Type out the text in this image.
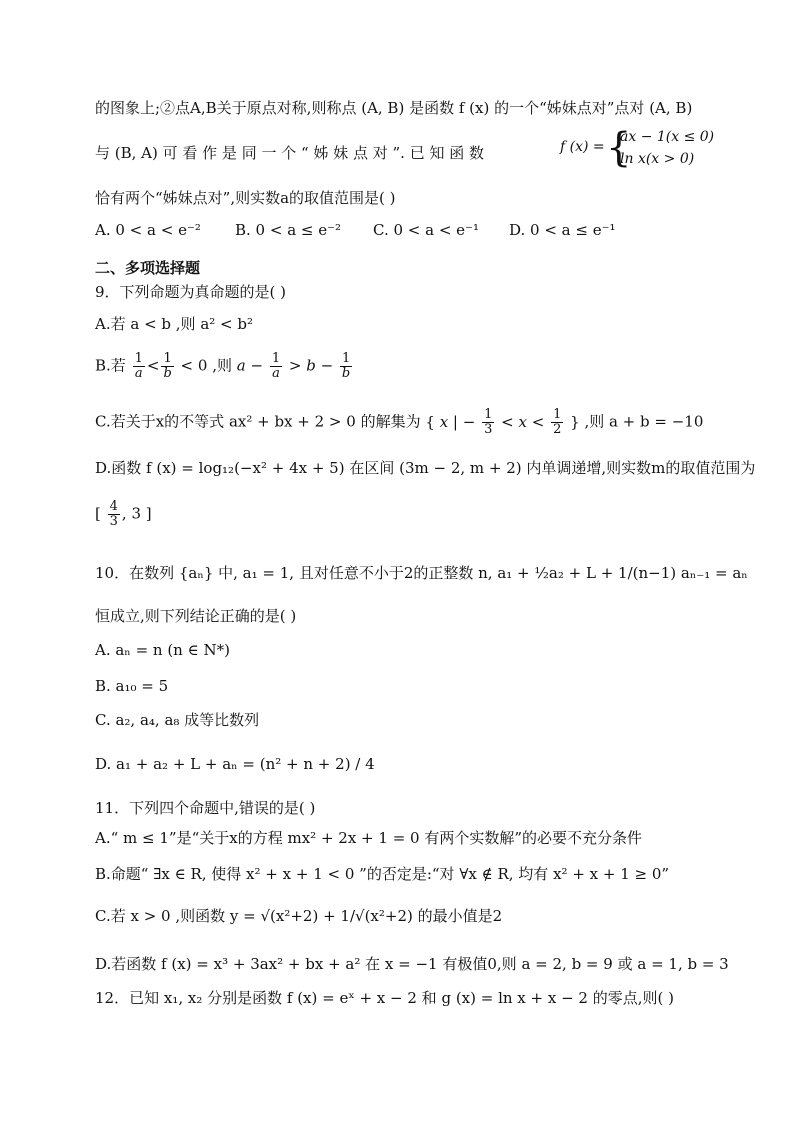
的图象上;②点A,B关于原点对称,则称点 (A, B) 是函数 f (x) 的一个“姊妹点对”点对 (A, B)
与 (B, A) 可 看 作 是 同 一 个 “ 姊 妹 点 对 ”. 已 知 函 数	f (x) = {
ax − 1(x ≤ 0)
ln x(x > 0)
恰有两个“姊妹点对”,则实数a的取值范围是( )
A. 0 < a < e⁻² B. 0 < a ≤ e⁻² C. 0 < a < e⁻¹ D. 0 < a ≤ e⁻¹
二、多项选择题
9．下列命题为真命题的是( )
A.若 a < b ,则 a² < b²
B.若 $\frac{1}{a} < \frac{1}{b} < 0$ ,则 $a - \frac{1}{a} > b - \frac{1}{b}$
C.若关于x的不等式 ax² + bx + 2 > 0 的解集为 { x | − $\frac{1}{3} < x < \frac{1}{2}$ } ,则 a + b = −10
D.函数 f (x) = log₁₂(−x² + 4x + 5) 在区间 (3m − 2, m + 2) 内单调递增,则实数m的取值范围为
[ $\frac{4}{3}$ , 3 ]
10．在数列 {aₙ} 中, a₁ = 1, 且对任意不小于2的正整数 n, a₁ + ½a₂ + L + 1/(n−1) aₙ₋₁ = aₙ
恒成立,则下列结论正确的是( )
A. aₙ = n (n ∈ N*)
B. a₁₀ = 5
C. a₂, a₄, a₈ 成等比数列
D. a₁ + a₂ + L + aₙ = (n² + n + 2) / 4
11．下列四个命题中,错误的是( )
A.“ m ≤ 1”是“关于x的方程 mx² + 2x + 1 = 0 有两个实数解”的必要不充分条件
B.命题“ ∃x ∈ R, 使得 x² + x + 1 < 0 ”的否定是:“对 ∀x ∉ R, 均有 x² + x + 1 ≥ 0”
C.若 x > 0 ,则函数 y = √(x²+2) + 1/√(x²+2) 的最小值是2
D.若函数 f (x) = x³ + 3ax² + bx + a² 在 x = −1 有极值0,则 a = 2, b = 9 或 a = 1, b = 3
12．已知 x₁, x₂ 分别是函数 f (x) = eˣ + x − 2 和 g (x) = ln x + x − 2 的零点,则( )
